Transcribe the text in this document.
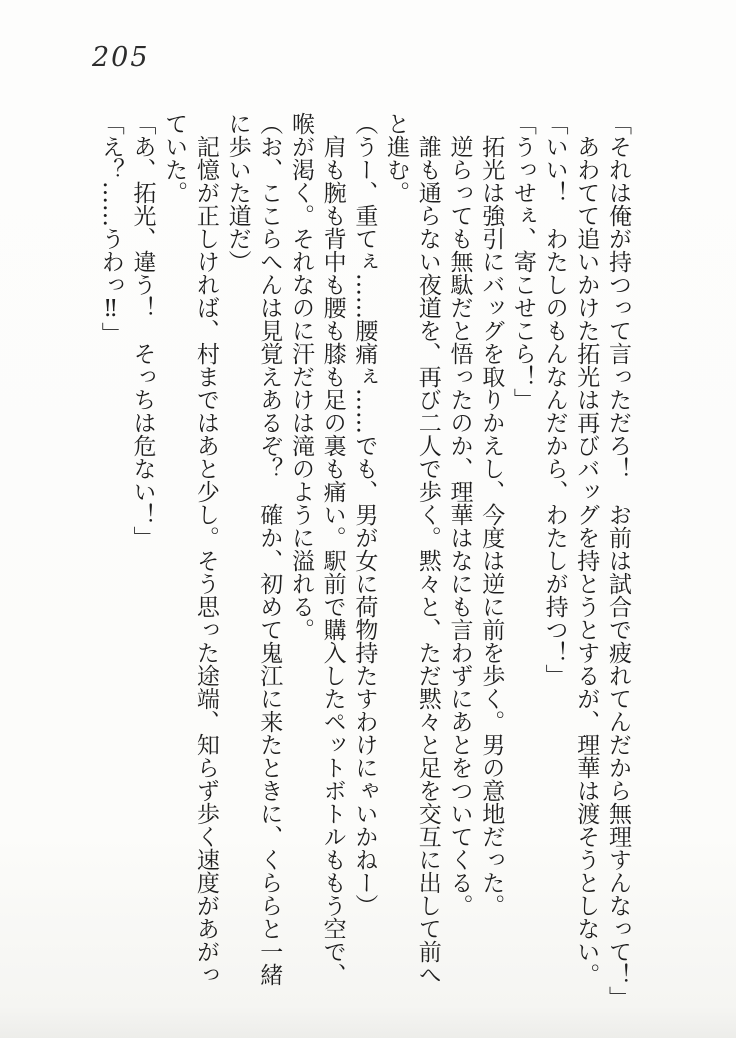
205

「それは俺が持つって言っただろ！　お前は試合で疲れてんだから無理すんなって！」

あわてて追いかけた拓光は再びバッグを持とうとするが、理華は渡そうとしない。

「いい！　わたしのもんなんだから、わたしが持つ！」

「うっせぇ、寄こせこら！」

拓光は強引にバッグを取りかえし、今度は逆に前を歩く。男の意地だった。

逆らっても無駄だと悟ったのか、理華はなにも言わずにあとをついてくる。

誰も通らない夜道を、再び二人で歩く。黙々と、ただ黙々と足を交互に出して前へ

と進む。

（うー、重てぇ……腰痛ぇ……でも、男が女に荷物持たすわけにゃいかねー）

肩も腕も背中も腰も膝も足の裏も痛い。駅前で購入したペットボトルももう空で、

喉が渇く。それなのに汗だけは滝のように溢れる。

（お、ここらへんは見覚えあるぞ？　確か、初めて鬼江に来たときに、くららと一緒

に歩いた道だ）

記憶が正しければ、村まではあと少し。そう思った途端、知らず歩く速度があがっ

ていた。

「あ、拓光、違う！　そっちは危ない！」

「え？……うわっ‼」
